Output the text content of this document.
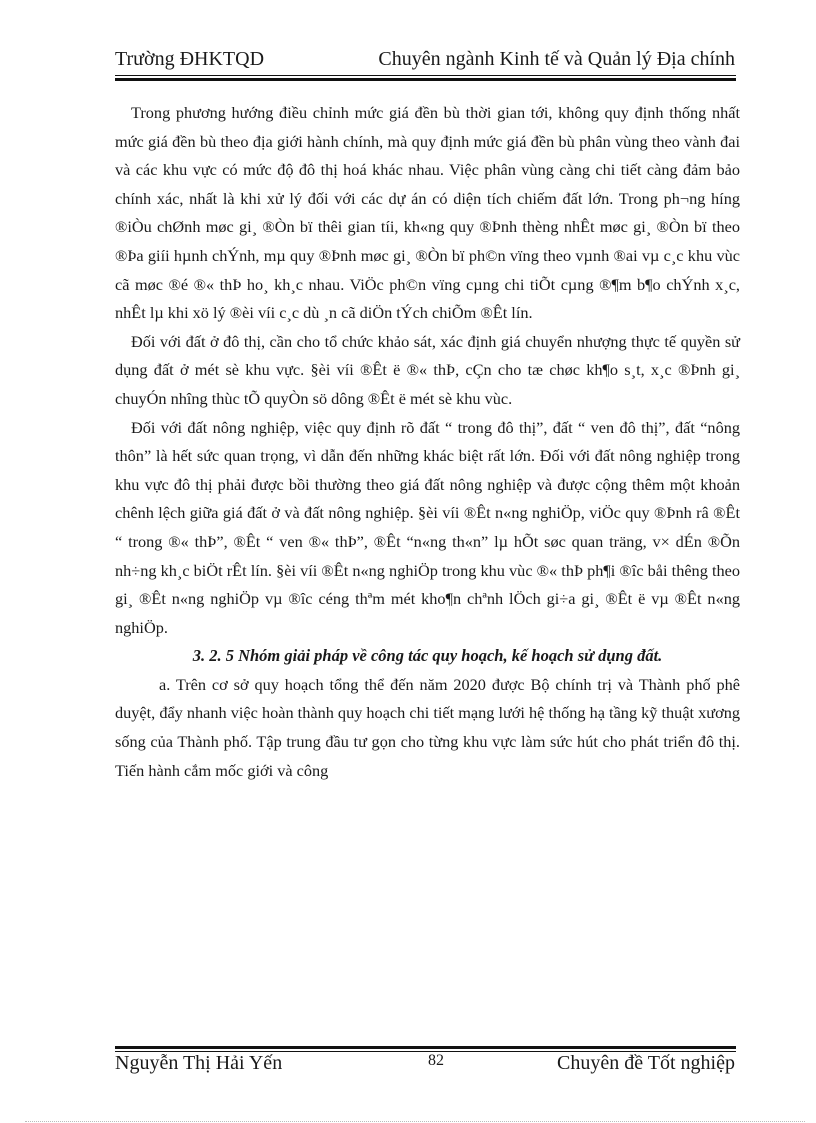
Trường ĐHKTQD	Chuyên ngành Kinh tế và Quản lý Địa chính

Trong phương hướng điều chỉnh mức giá đền bù thời gian tới, không quy định thống nhất mức giá đền bù theo địa giới hành chính, mà quy định mức giá đền bù phân vùng theo vành đai và các khu vực có mức độ đô thị hoá khác nhau. Việc phân vùng càng chi tiết càng đảm bảo chính xác, nhất là khi xử lý đối với các dự án có diện tích chiếm đất lớn. Trong ph¬ng híng ®iÒu chØnh møc gi¸ ®Òn bï thêi gian tíi, kh«ng quy ®Þnh thèng nhÊt møc gi¸ ®Òn bï theo ®Þa giíi hµnh chÝnh, mµ quy ®Þnh møc gi¸ ®Òn bï ph©n vïng theo vµnh ®ai vµ c¸c khu vùc cã møc ®é ®« thÞ ho¸ kh¸c nhau. ViÖc ph©n vïng cµng chi tiÕt cµng ®¶m b¶o chÝnh x¸c, nhÊt lµ khi xö lý ®èi víi c¸c dù ¸n cã diÖn tÝch chiÕm ®Êt lín.

Đối với đất ở đô thị, cần cho tổ chức khảo sát, xác định giá chuyển nhượng thực tế quyền sử dụng đất ở mét sè khu vực. §èi víi ®Êt ë ®« thÞ, cÇn cho tæ chøc kh¶o s¸t, x¸c ®Þnh gi¸ chuyÓn nhîng thùc tÕ quyÒn sö dông ®Êt ë mét sè khu vùc.

Đối với đất nông nghiệp, việc quy định rõ đất “ trong đô thị”, đất “ ven đô thị”, đất “nông thôn” là hết sức quan trọng, vì dẫn đến những khác biệt rất lớn. Đối với đất nông nghiệp trong khu vực đô thị phải được bồi thường theo giá đất nông nghiệp và được cộng thêm một khoản chênh lệch giữa giá đất ở và đất nông nghiệp. §èi víi ®Êt n«ng nghiÖp, viÖc quy ®Þnh râ ®Êt “ trong ®« thÞ”, ®Êt “ ven ®« thÞ”, ®Êt “n«ng th«n” lµ hÕt søc quan träng, v× dÉn ®Õn nh÷ng kh¸c biÖt rÊt lín. §èi víi ®Êt n«ng nghiÖp trong khu vùc ®« thÞ ph¶i ®îc båi thêng theo gi¸ ®Êt n«ng nghiÖp vµ ®îc céng thªm mét kho¶n chªnh lÖch gi÷a gi¸ ®Êt ë vµ ®Êt n«ng nghiÖp.

3. 2. 5 Nhóm giải pháp về công tác quy hoạch, kế hoạch sử dụng đất.

a. Trên cơ sở quy hoạch tổng thể đến năm 2020 được Bộ chính trị và Thành phố phê duyệt, đẩy nhanh việc hoàn thành quy hoạch chi tiết mạng lưới hệ thống hạ tầng kỹ thuật xương sống của Thành phố. Tập trung đầu tư gọn cho từng khu vực làm sức hút cho phát triển đô thị. Tiến hành cắm mốc giới và công

Nguyễn Thị Hải Yến	82	Chuyên đề Tốt nghiệp
